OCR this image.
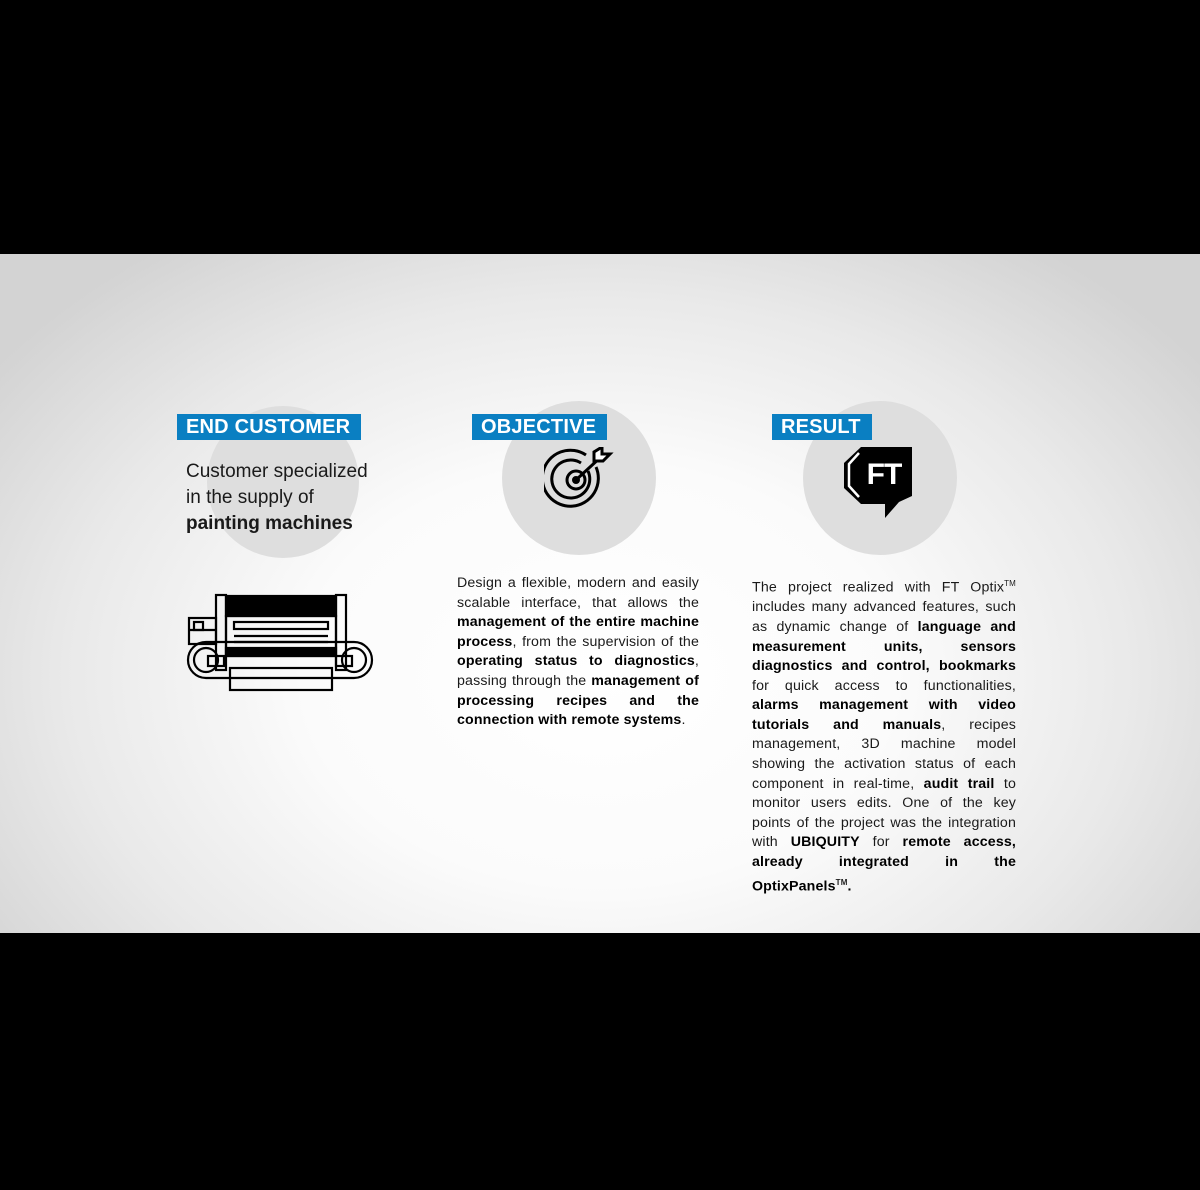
END CUSTOMER
Customer specialized
in the supply of
painting machines
OBJECTIVE
Design a flexible, modern and easily scalable interface, that allows the management of the entire machine process, from the supervision of the operating status to diagnostics, passing through the management of processing recipes and the connection with remote systems.
RESULT
FT
The project realized with FT Optix™ includes many advanced features, such as dynamic change of language and measurement units, sensors diagnostics and control, bookmarks for quick access to functionalities, alarms management with video tutorials and manuals, recipes management, 3D machine model showing the activation status of each component in real-time, audit trail to monitor users edits. One of the key points of the project was the integration with UBIQUITY for remote access, already integrated in the OptixPanels™.
